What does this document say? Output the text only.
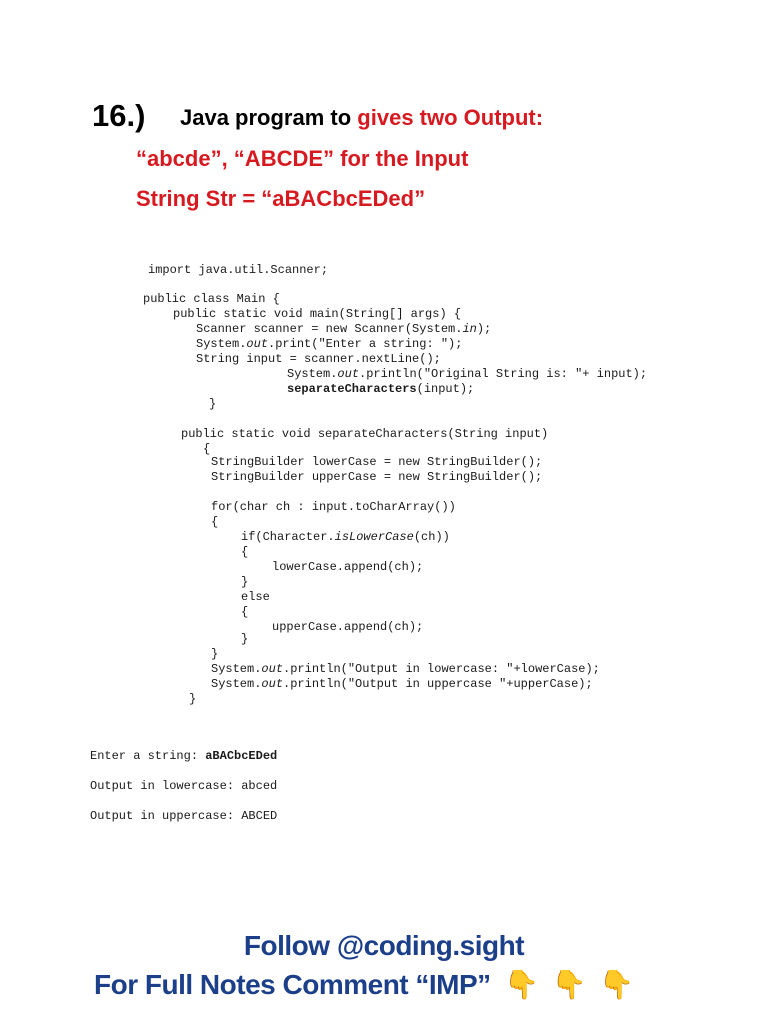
16.) Java program to gives two Output:
“abcde”, “ABCDE” for the Input
String Str = “aBACbcEDed”
import java.util.Scanner;
public class Main {
public static void main(String[] args) {
Scanner scanner = new Scanner(System.in);
System.out.print("Enter a string: ");
String input = scanner.nextLine();
System.out.println("Original String is: "+ input);
separateCharacters(input);
}
public static void separateCharacters(String input)
{
StringBuilder lowerCase = new StringBuilder();
StringBuilder upperCase = new StringBuilder();
for(char ch : input.toCharArray())
{
if(Character.isLowerCase(ch))
{
lowerCase.append(ch);
}
else
{
upperCase.append(ch);
}
}
System.out.println("Output in lowercase: "+lowerCase);
System.out.println("Output in uppercase "+upperCase);
}
Enter a string: aBACbcEDed
Output in lowercase: abced
Output in uppercase: ABCED
Follow @coding.sight
For Full Notes Comment “IMP” 👇 👇 👇
